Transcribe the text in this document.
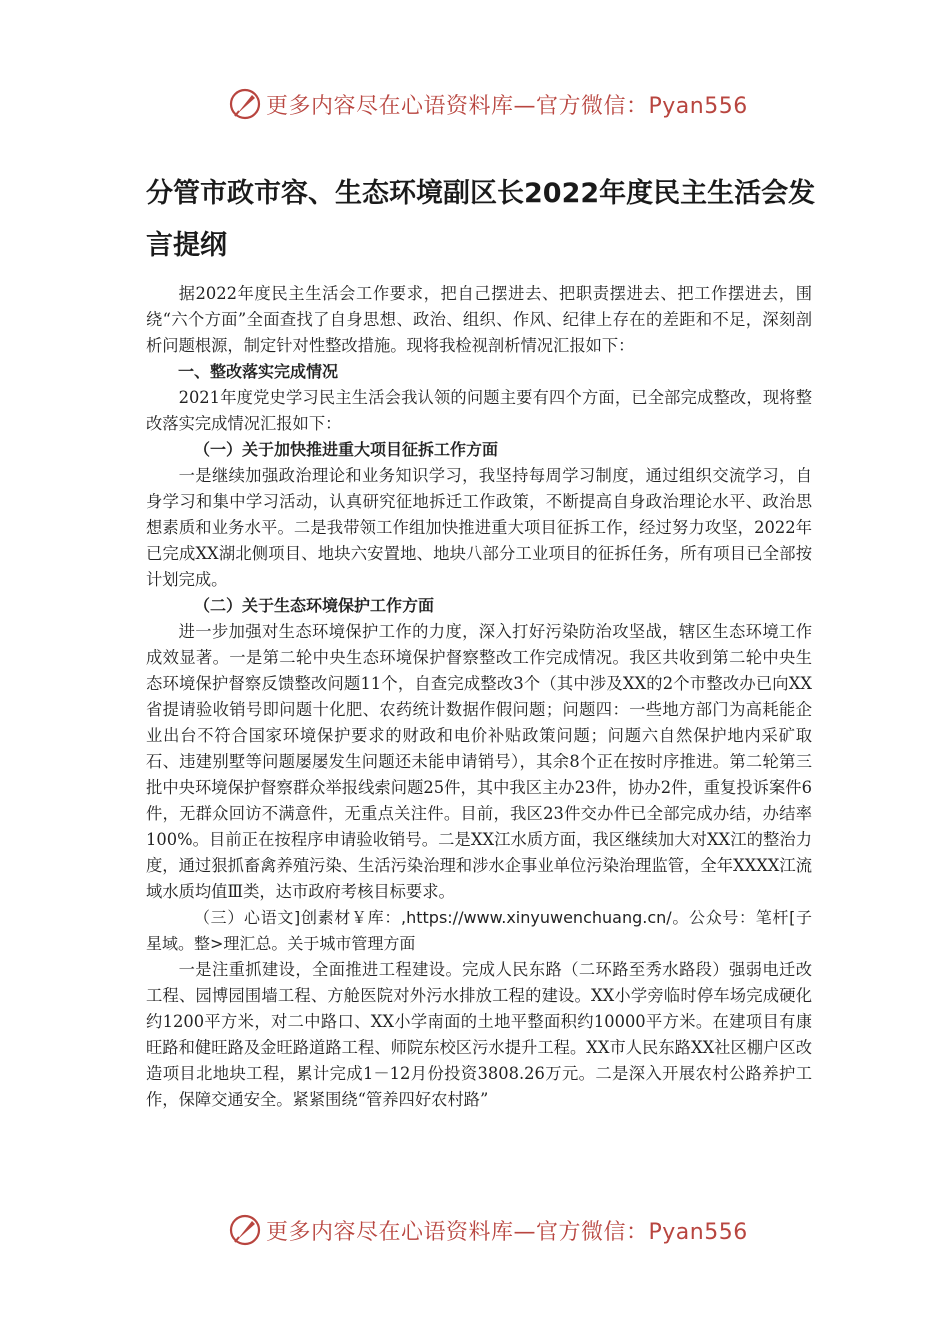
更多内容尽在心语资料库—官方微信：Pyan556
分管市政市容、生态环境副区长2022年度民主生活会发言提纲

据2022年度民主生活会工作要求，把自己摆进去、把职责摆进去、把工作摆进去，围绕“六个方面”全面查找了自身思想、政治、组织、作风、纪律上存在的差距和不足，深刻剖析问题根源，制定针对性整改措施。现将我检视剖析情况汇报如下：

一、整改落实完成情况

2021年度党史学习民主生活会我认领的问题主要有四个方面，已全部完成整改，现将整改落实完成情况汇报如下：

（一）关于加快推进重大项目征拆工作方面

一是继续加强政治理论和业务知识学习，我坚持每周学习制度，通过组织交流学习，自身学习和集中学习活动，认真研究征地拆迁工作政策，不断提高自身政治理论水平、政治思想素质和业务水平。二是我带领工作组加快推进重大项目征拆工作，经过努力攻坚，2022年已完成XX湖北侧项目、地块六安置地、地块八部分工业项目的征拆任务，所有项目已全部按计划完成。

（二）关于生态环境保护工作方面

进一步加强对生态环境保护工作的力度，深入打好污染防治攻坚战，辖区生态环境工作成效显著。一是第二轮中央生态环境保护督察整改工作完成情况。我区共收到第二轮中央生态环境保护督察反馈整改问题11个，自查完成整改3个（其中涉及XX的2个市整改办已向XX省提请验收销号即问题十化肥、农药统计数据作假问题；问题四：一些地方部门为高耗能企业出台不符合国家环境保护要求的财政和电价补贴政策问题；问题六自然保护地内采矿取石、违建别墅等问题屡屡发生问题还未能申请销号），其余8个正在按时序推进。第二轮第三批中央环境保护督察群众举报线索问题25件，其中我区主办23件，协办2件，重复投诉案件6件，无群众回访不满意件，无重点关注件。目前，我区23件交办件已全部完成办结，办结率100%。目前正在按程序申请验收销号。二是XX江水质方面，我区继续加大对XX江的整治力度，通过狠抓畜禽养殖污染、生活污染治理和涉水企事业单位污染治理监管，全年XXXX江流域水质均值Ⅲ类，达市政府考核目标要求。

（三）心语文]创素材￥库：,https://www.xinyuwenchuang.cn/。公众号：笔杆[子星域。整>理汇总。关于城市管理方面

一是注重抓建设，全面推进工程建设。完成人民东路（二环路至秀水路段）强弱电迁改工程、园博园围墙工程、方舱医院对外污水排放工程的建设。XX小学旁临时停车场完成硬化约1200平方米，对二中路口、XX小学南面的土地平整面积约10000平方米。在建项目有康旺路和健旺路及金旺路道路工程、师院东校区污水提升工程。XX市人民东路XX社区棚户区改造项目北地块工程，累计完成1－12月份投资3808.26万元。二是深入开展农村公路养护工作，保障交通安全。紧紧围绕“管养四好农村路”

更多内容尽在心语资料库—官方微信：Pyan556
